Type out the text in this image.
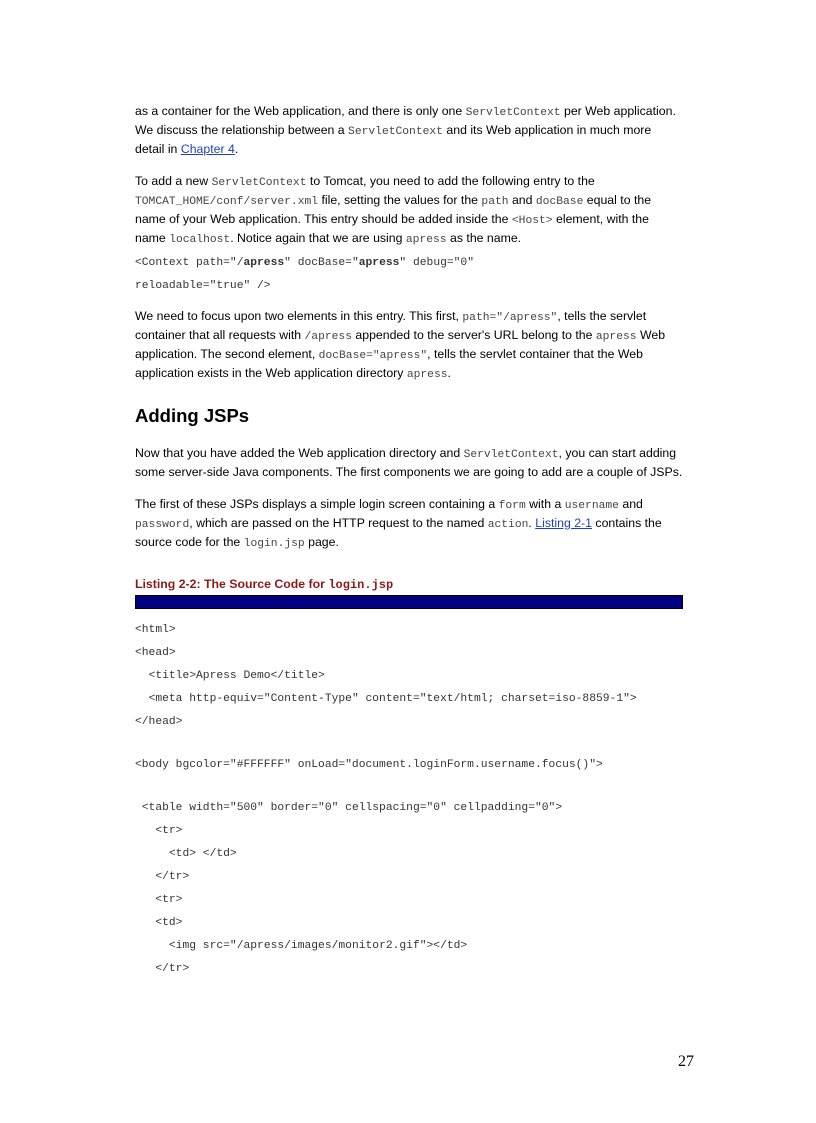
as a container for the Web application, and there is only one ServletContext per Web application. We discuss the relationship between a ServletContext and its Web application in much more detail in Chapter 4.

To add a new ServletContext to Tomcat, you need to add the following entry to the TOMCAT_HOME/conf/server.xml file, setting the values for the path and docBase equal to the name of your Web application. This entry should be added inside the <Host> element, with the name localhost. Notice again that we are using apress as the name.

<Context path="/apress" docBase="apress" debug="0"
reloadable="true" />

We need to focus upon two elements in this entry. This first, path="/apress", tells the servlet container that all requests with /apress appended to the server's URL belong to the apress Web application. The second element, docBase="apress", tells the servlet container that the Web application exists in the Web application directory apress.

Adding JSPs

Now that you have added the Web application directory and ServletContext, you can start adding some server-side Java components. The first components we are going to add are a couple of JSPs.

The first of these JSPs displays a simple login screen containing a form with a username and password, which are passed on the HTTP request to the named action. Listing 2-1 contains the source code for the login.jsp page.

Listing 2-2: The Source Code for login.jsp
<html>
<head>
<title>Apress Demo</title>
<meta http-equiv="Content-Type" content="text/html; charset=iso-8859-1">
</head>
<body bgcolor="#FFFFFF" onLoad="document.loginForm.username.focus()">
<table width="500" border="0" cellspacing="0" cellpadding="0">
<tr>
<td> </td>
</tr>
<tr>
<td>
<img src="/apress/images/monitor2.gif"></td>
</tr>
27
